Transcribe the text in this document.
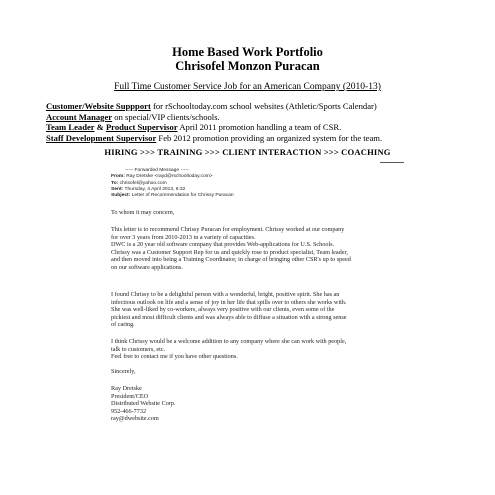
Home Based Work Portfolio
Chrisofel Monzon Puracan
Full Time Customer Service Job for an American Company (2010-13)
Customer/Website Suppport for rSchooltoday.com school websites (Athletic/Sports Calendar)
Account Manager on special/VIP clients/schools.
Team Leader & Product Supervisor April 2011 promotion handling a team of CSR.
Staff Development Supervisor Feb 2012 promotion providing an organized system for the team.
HIRING >>> TRAINING >>> CLIENT INTERACTION >>> COACHING
----- Forwarded Message -----
From: Ray Dretske <rayd@rschooltoday.com>
To: chrisofel@yahoo.com
Sent: Thursday, 4 April 2013, 6:32
Subject: Letter of Recommendation for Chrissy Puracan
To whom it may concern,
This letter is to recommend Chrissy Puracan for employment. Chrissy worked at our company
for over 3 years from 2010-2013 in a variety of capacities.
DWC is a 20 year old software company that provides Web-applications for U.S. Schools.
Chrissy was a Customer Support Rep for us and quickly rose to product specialist, Team leader,
and then moved into being a Training Coordinator, in charge of bringing other CSR's up to speed
on our software applications.
I found Chrissy to be a delightful person with a wonderful, bright, positive spirit. She has an
infectious outlook on life and a sense of joy in her life that spills over to others she works with.
She was well-liked by co-workers, always very positive with our clients, even some of the
pickiest and most difficult clients and was always able to diffuse a situation with a strong sense
of caring.
I think Chrissy would be a welcome addition to any company where she can work with people,
talk to customers, etc.
Feel free to contact me if you have other questions.
Sincerely,
Ray Dretske
President/CEO
Distributed Website Corp.
952-466-7732
ray@dwebsite.com
